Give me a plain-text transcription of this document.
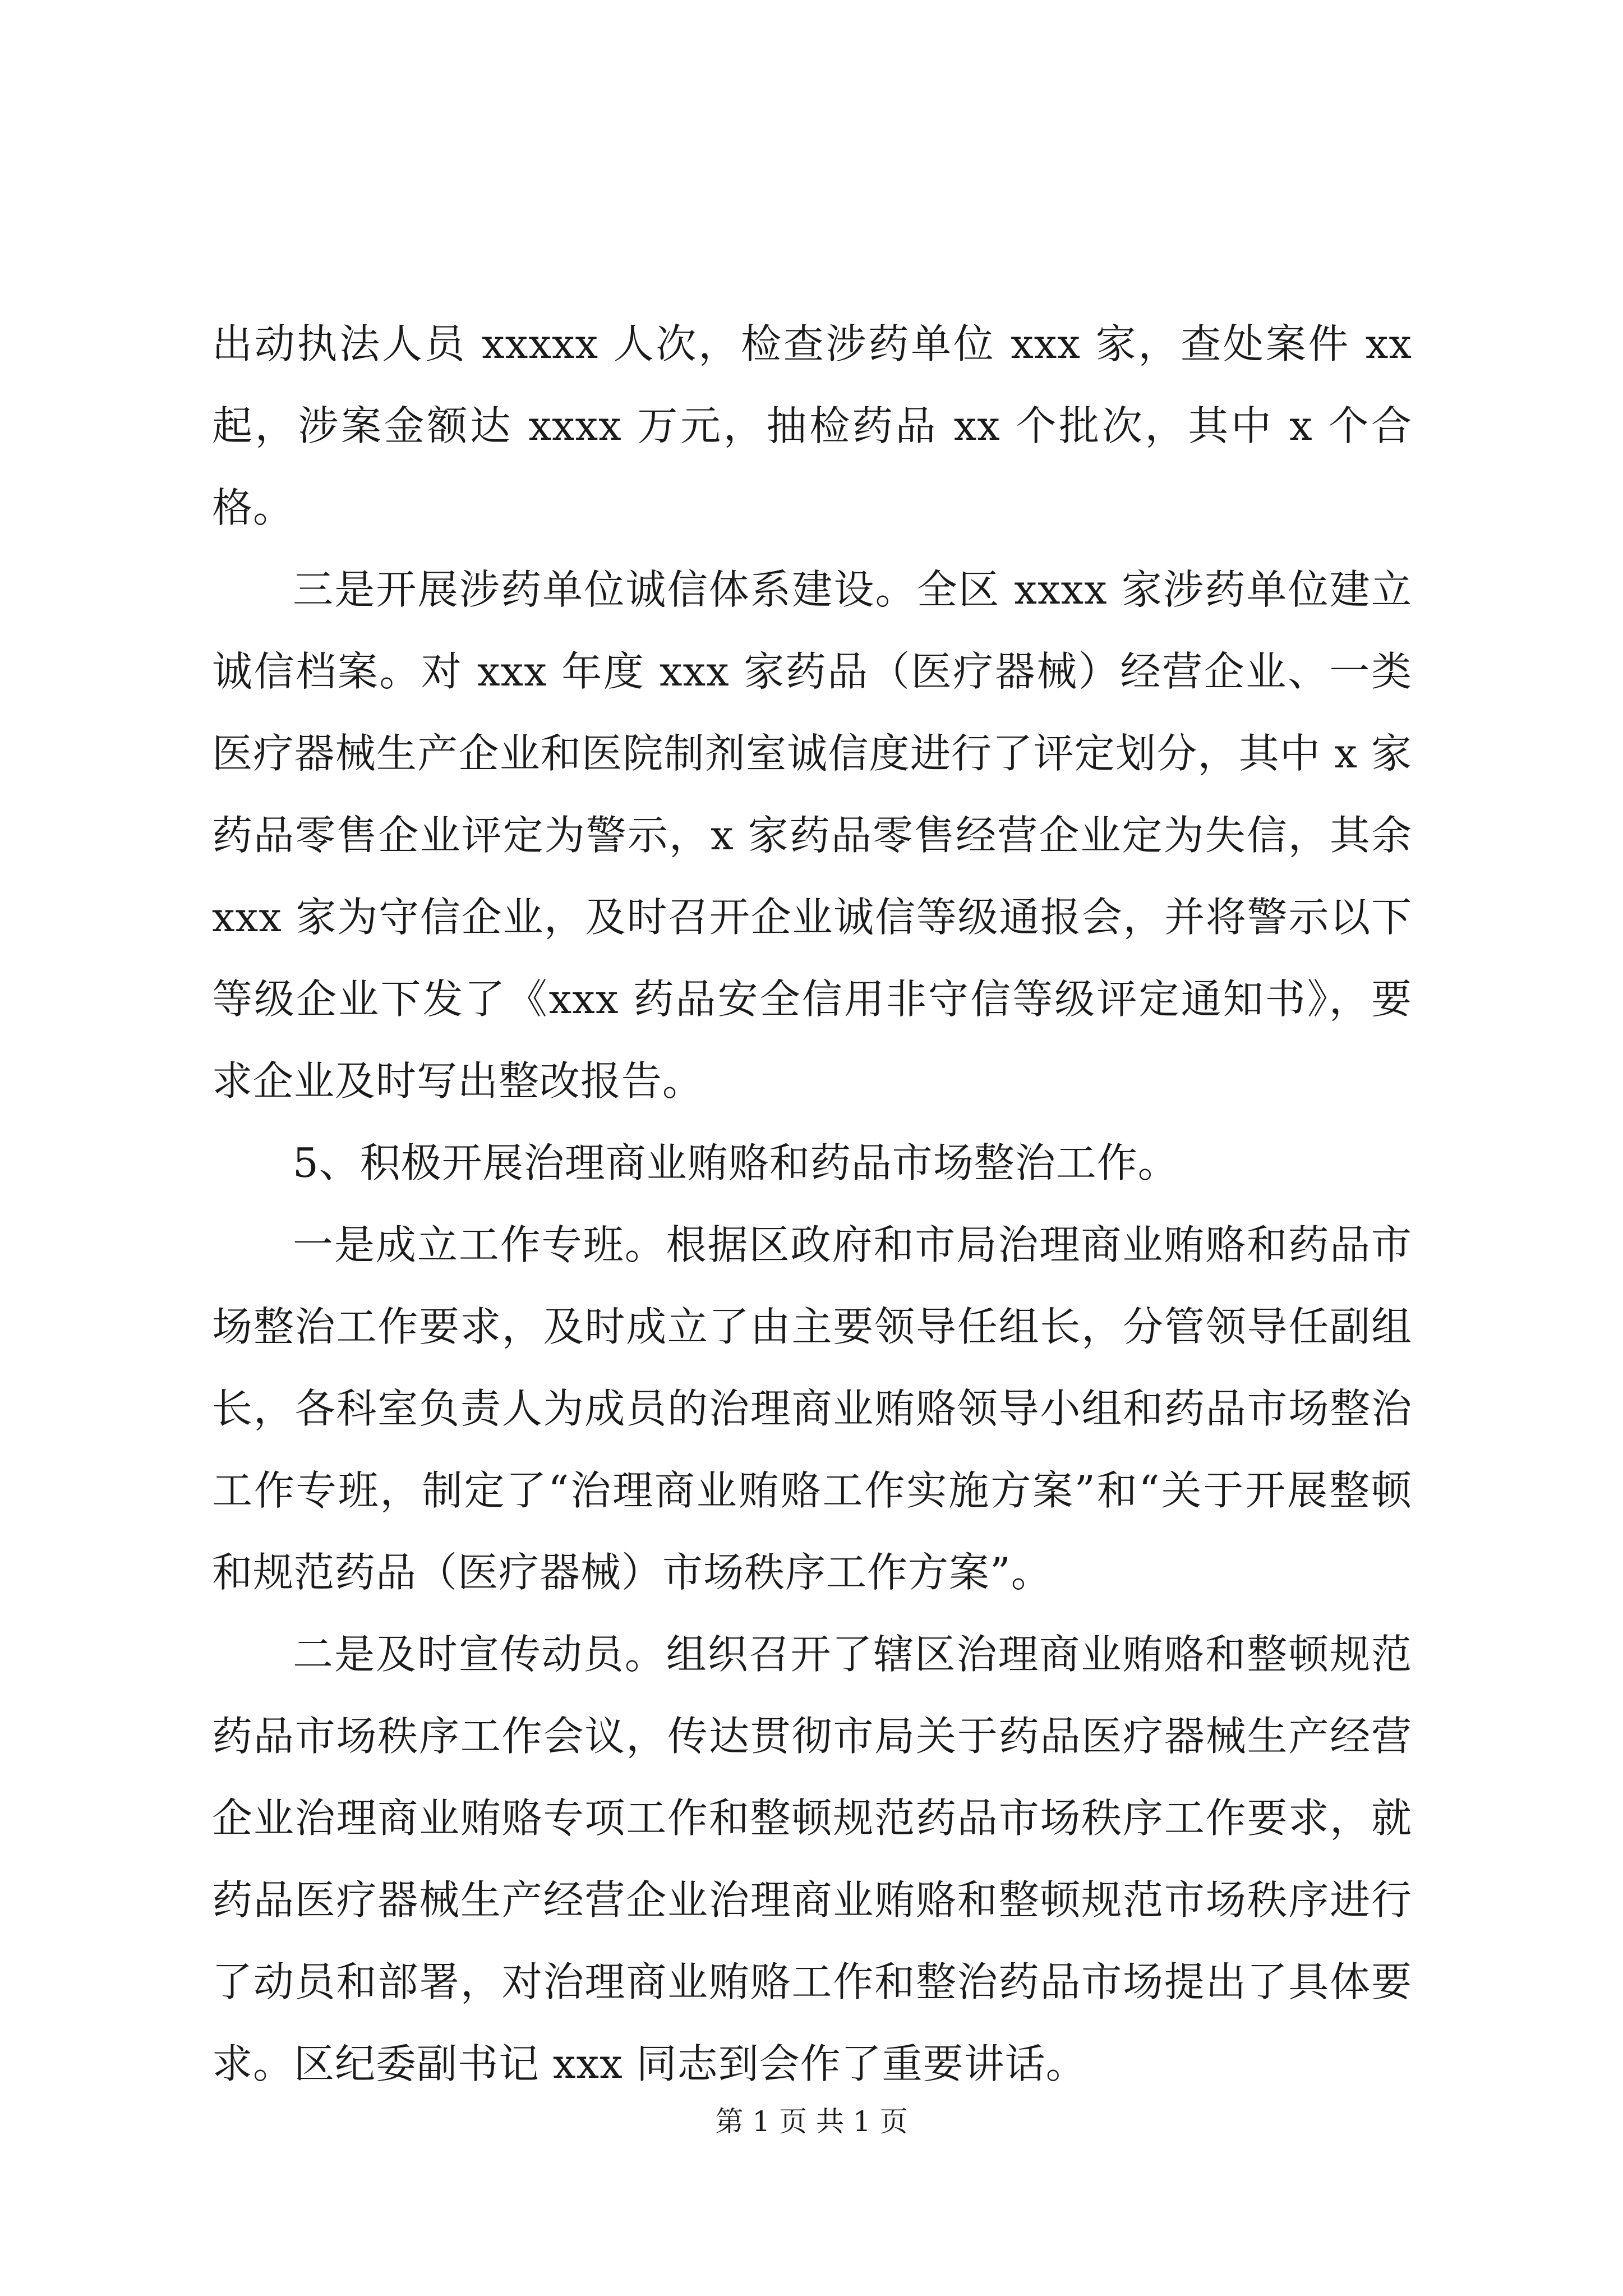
出动执法人员 xxxxx 人次，检查涉药单位 xxx 家，查处案件 xx 起，涉案金额达 xxxx 万元，抽检药品 xx 个批次，其中 x 个合格。

三是开展涉药单位诚信体系建设。全区 xxxx 家涉药单位建立诚信档案。对 xxx 年度 xxx 家药品（医疗器械）经营企业、一类医疗器械生产企业和医院制剂室诚信度进行了评定划分，其中 x 家药品零售企业评定为警示，x 家药品零售经营企业定为失信，其余 xxx 家为守信企业，及时召开企业诚信等级通报会，并将警示以下等级企业下发了《xxx 药品安全信用非守信等级评定通知书》，要求企业及时写出整改报告。

5、积极开展治理商业贿赂和药品市场整治工作。

一是成立工作专班。根据区政府和市局治理商业贿赂和药品市场整治工作要求，及时成立了由主要领导任组长，分管领导任副组长，各科室负责人为成员的治理商业贿赂领导小组和药品市场整治工作专班，制定了“治理商业贿赂工作实施方案”和“关于开展整顿和规范药品（医疗器械）市场秩序工作方案”。

二是及时宣传动员。组织召开了辖区治理商业贿赂和整顿规范药品市场秩序工作会议，传达贯彻市局关于药品医疗器械生产经营企业治理商业贿赂专项工作和整顿规范药品市场秩序工作要求，就药品医疗器械生产经营企业治理商业贿赂和整顿规范市场秩序进行了动员和部署，对治理商业贿赂工作和整治药品市场提出了具体要求。区纪委副书记 xxx 同志到会作了重要讲话。

第 1 页 共 1 页
